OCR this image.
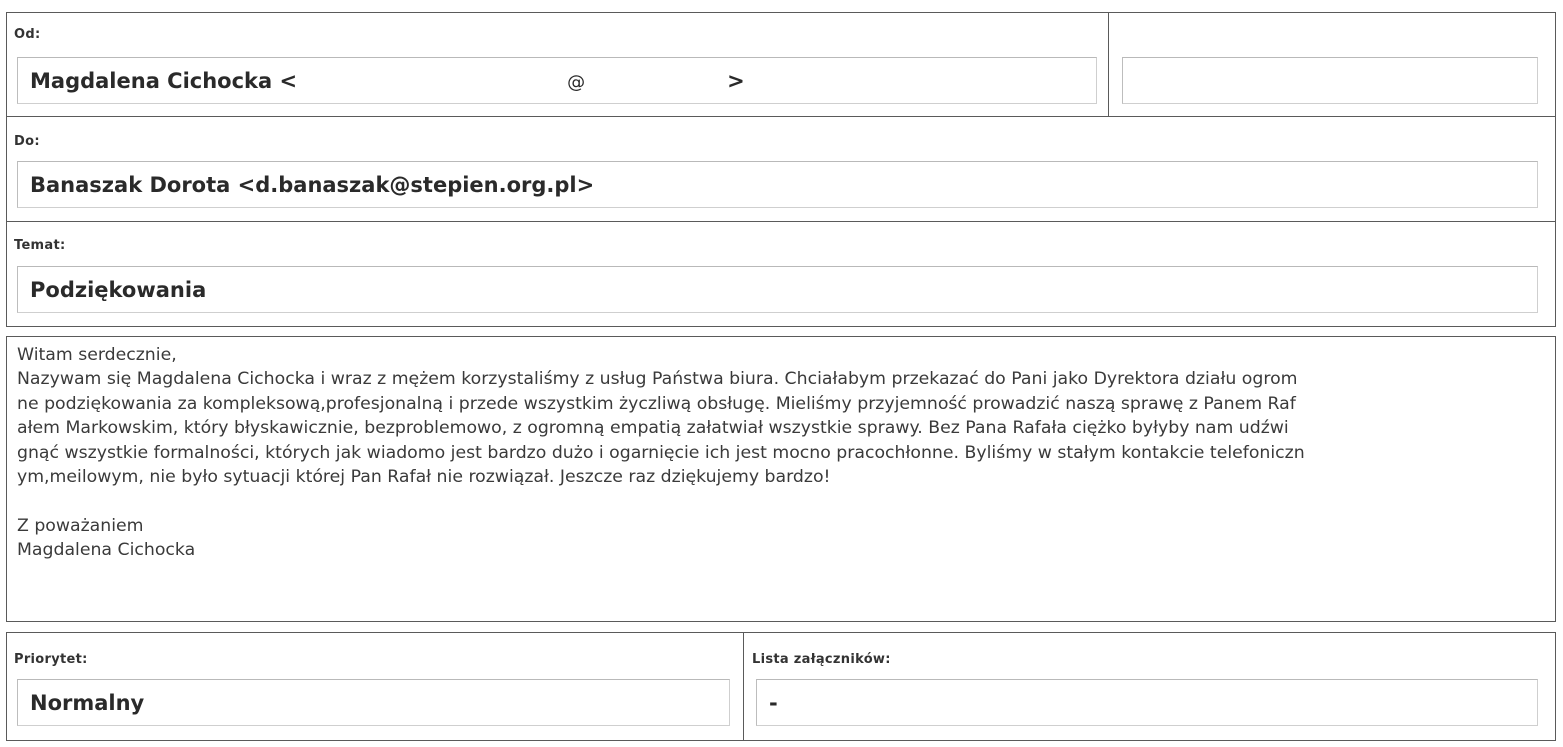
Od:
Magdalena Cichocka <	@	>
Do:
Banaszak Dorota <d.banaszak@stepien.org.pl>
Temat:
Podziękowania

Witam serdecznie,

Nazywam się Magdalena Cichocka i wraz z mężem korzystaliśmy z usług Państwa biura. Chciałabym przekazać do Pani jako Dyrektora działu ogrom

ne podziękowania za kompleksową,profesjonalną i przede wszystkim życzliwą obsługę. Mieliśmy przyjemność prowadzić naszą sprawę z Panem Raf

ałem Markowskim, który błyskawicznie, bezproblemowo, z ogromną empatią załatwiał wszystkie sprawy. Bez Pana Rafała ciężko byłyby nam udźwi

gnąć wszystkie formalności, których jak wiadomo jest bardzo dużo i ogarnięcie ich jest mocno pracochłonne. Byliśmy w stałym kontakcie telefoniczn

ym,meilowym, nie było sytuacji której Pan Rafał nie rozwiązał. Jeszcze raz dziękujemy bardzo!

Z poważaniem

Magdalena Cichocka

Priorytet:
Normalny
Lista załączników:
-
